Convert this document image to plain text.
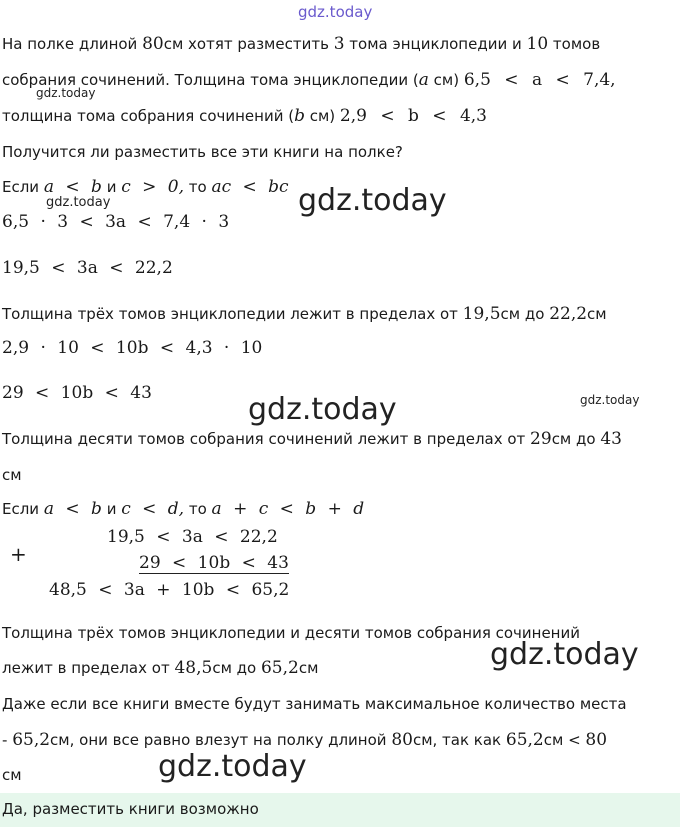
gdz.today
gdz.today
gdz.today	gdz.today
gdz.today	gdz.today
gdz.today
gdz.today
На полке длиной 80см хотят разместить 3 тома энциклопедии и 10 томов
собрания сочинений. Толщина тома энциклопедии (a см) 6,5 < a < 7,4,
толщина тома собрания сочинений (b см) 2,9 < b < 4,3
Получится ли разместить все эти книги на полке?
Если a < b и c > 0, то ac < bc
6,5 · 3 < 3a < 7,4 · 3
19,5 < 3a < 22,2
Толщина трёх томов энциклопедии лежит в пределах от 19,5см до 22,2см
2,9 · 10 < 10b < 4,3 · 10
29 < 10b < 43
Толщина десяти томов собрания сочинений лежит в пределах от 29см до 43
см
Если a < b и c < d, то a + c < b + d
+
19,5 < 3a < 22,2
29 < 10b < 43
48,5 < 3a + 10b < 65,2
Толщина трёх томов энциклопедии и десяти томов собрания сочинений
лежит в пределах от 48,5см до 65,2см
Даже если все книги вместе будут занимать максимальное количество места
- 65,2см, они все равно влезут на полку длиной 80см, так как 65,2см < 80
см
Да, разместить книги возможно
